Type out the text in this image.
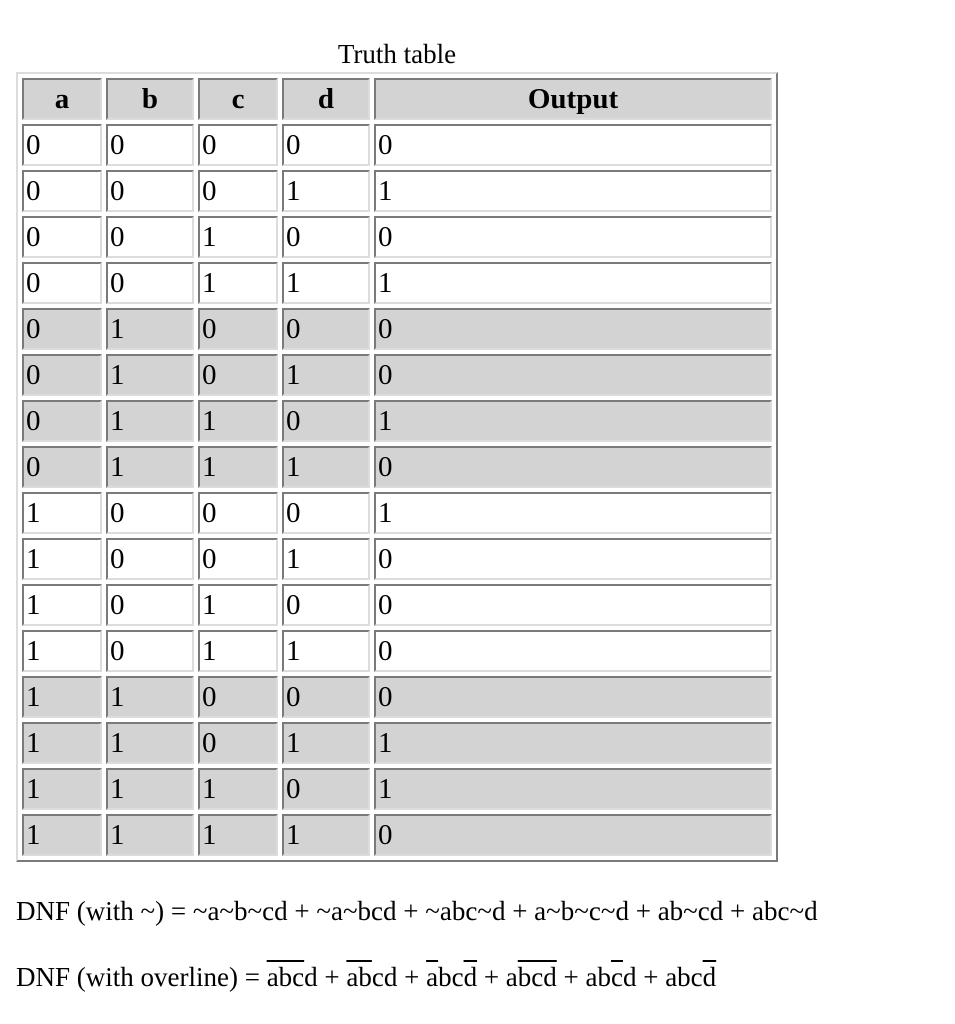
Truth table
a	b	c	d	Output
0	0	0	0	0
0	0	0	1	1
0	0	1	0	0
0	0	1	1	1
0	1	0	0	0
0	1	0	1	0
0	1	1	0	1
0	1	1	1	0
1	0	0	0	1
1	0	0	1	0
1	0	1	0	0
1	0	1	1	0
1	1	0	0	0
1	1	0	1	1
1	1	1	0	1
1	1	1	1	0
DNF (with ~) = ~a~b~cd + ~a~bcd + ~abc~d + a~b~c~d + ab~cd + abc~d
DNF (with overline) = $\overline{abc}d + \overline{ab}cd + \overline{a}bc\overline{d} + a\overline{bcd} + ab\overline{c}d + abc\overline{d}$
